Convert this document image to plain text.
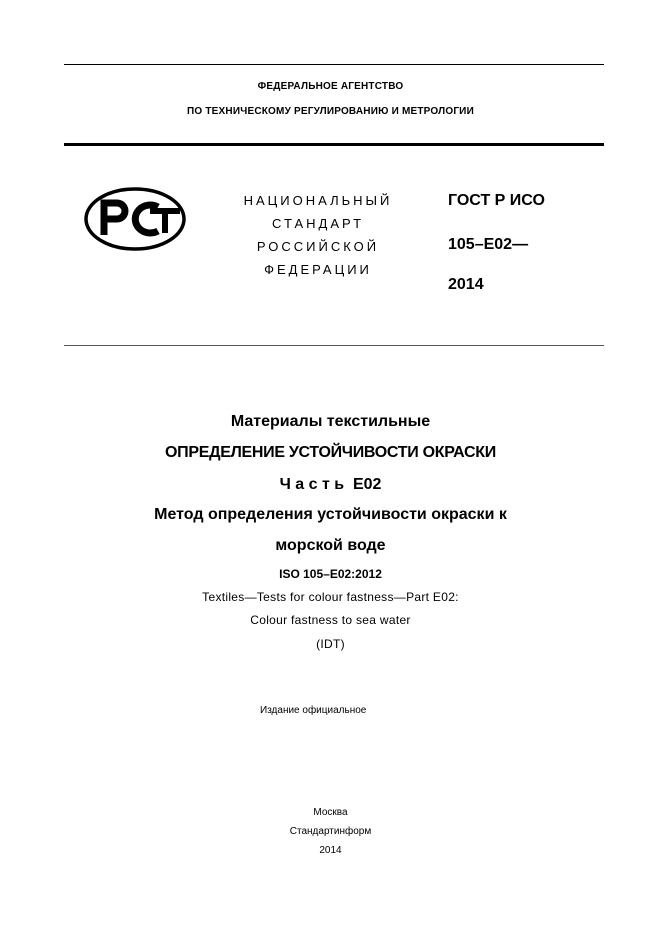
ФЕДЕРАЛЬНОЕ АГЕНТСТВО
ПО ТЕХНИЧЕСКОМУ РЕГУЛИРОВАНИЮ И МЕТРОЛОГИИ
НАЦИОНАЛЬНЫЙ
СТАНДАРТ
РОССИЙСКОЙ
ФЕДЕРАЦИИ
ГОСТ Р ИСО
105–E02—
2014
Материалы текстильные
ОПРЕДЕЛЕНИЕ УСТОЙЧИВОСТИ ОКРАСКИ
Ч а с т ь  E02
Метод определения устойчивости окраски к
морской воде
ISO 105–E02:2012
Textiles—Tests for colour fastness—Part E02:
Colour fastness to sea water
(IDT)
Издание официальное
Москва
Стандартинформ
2014
